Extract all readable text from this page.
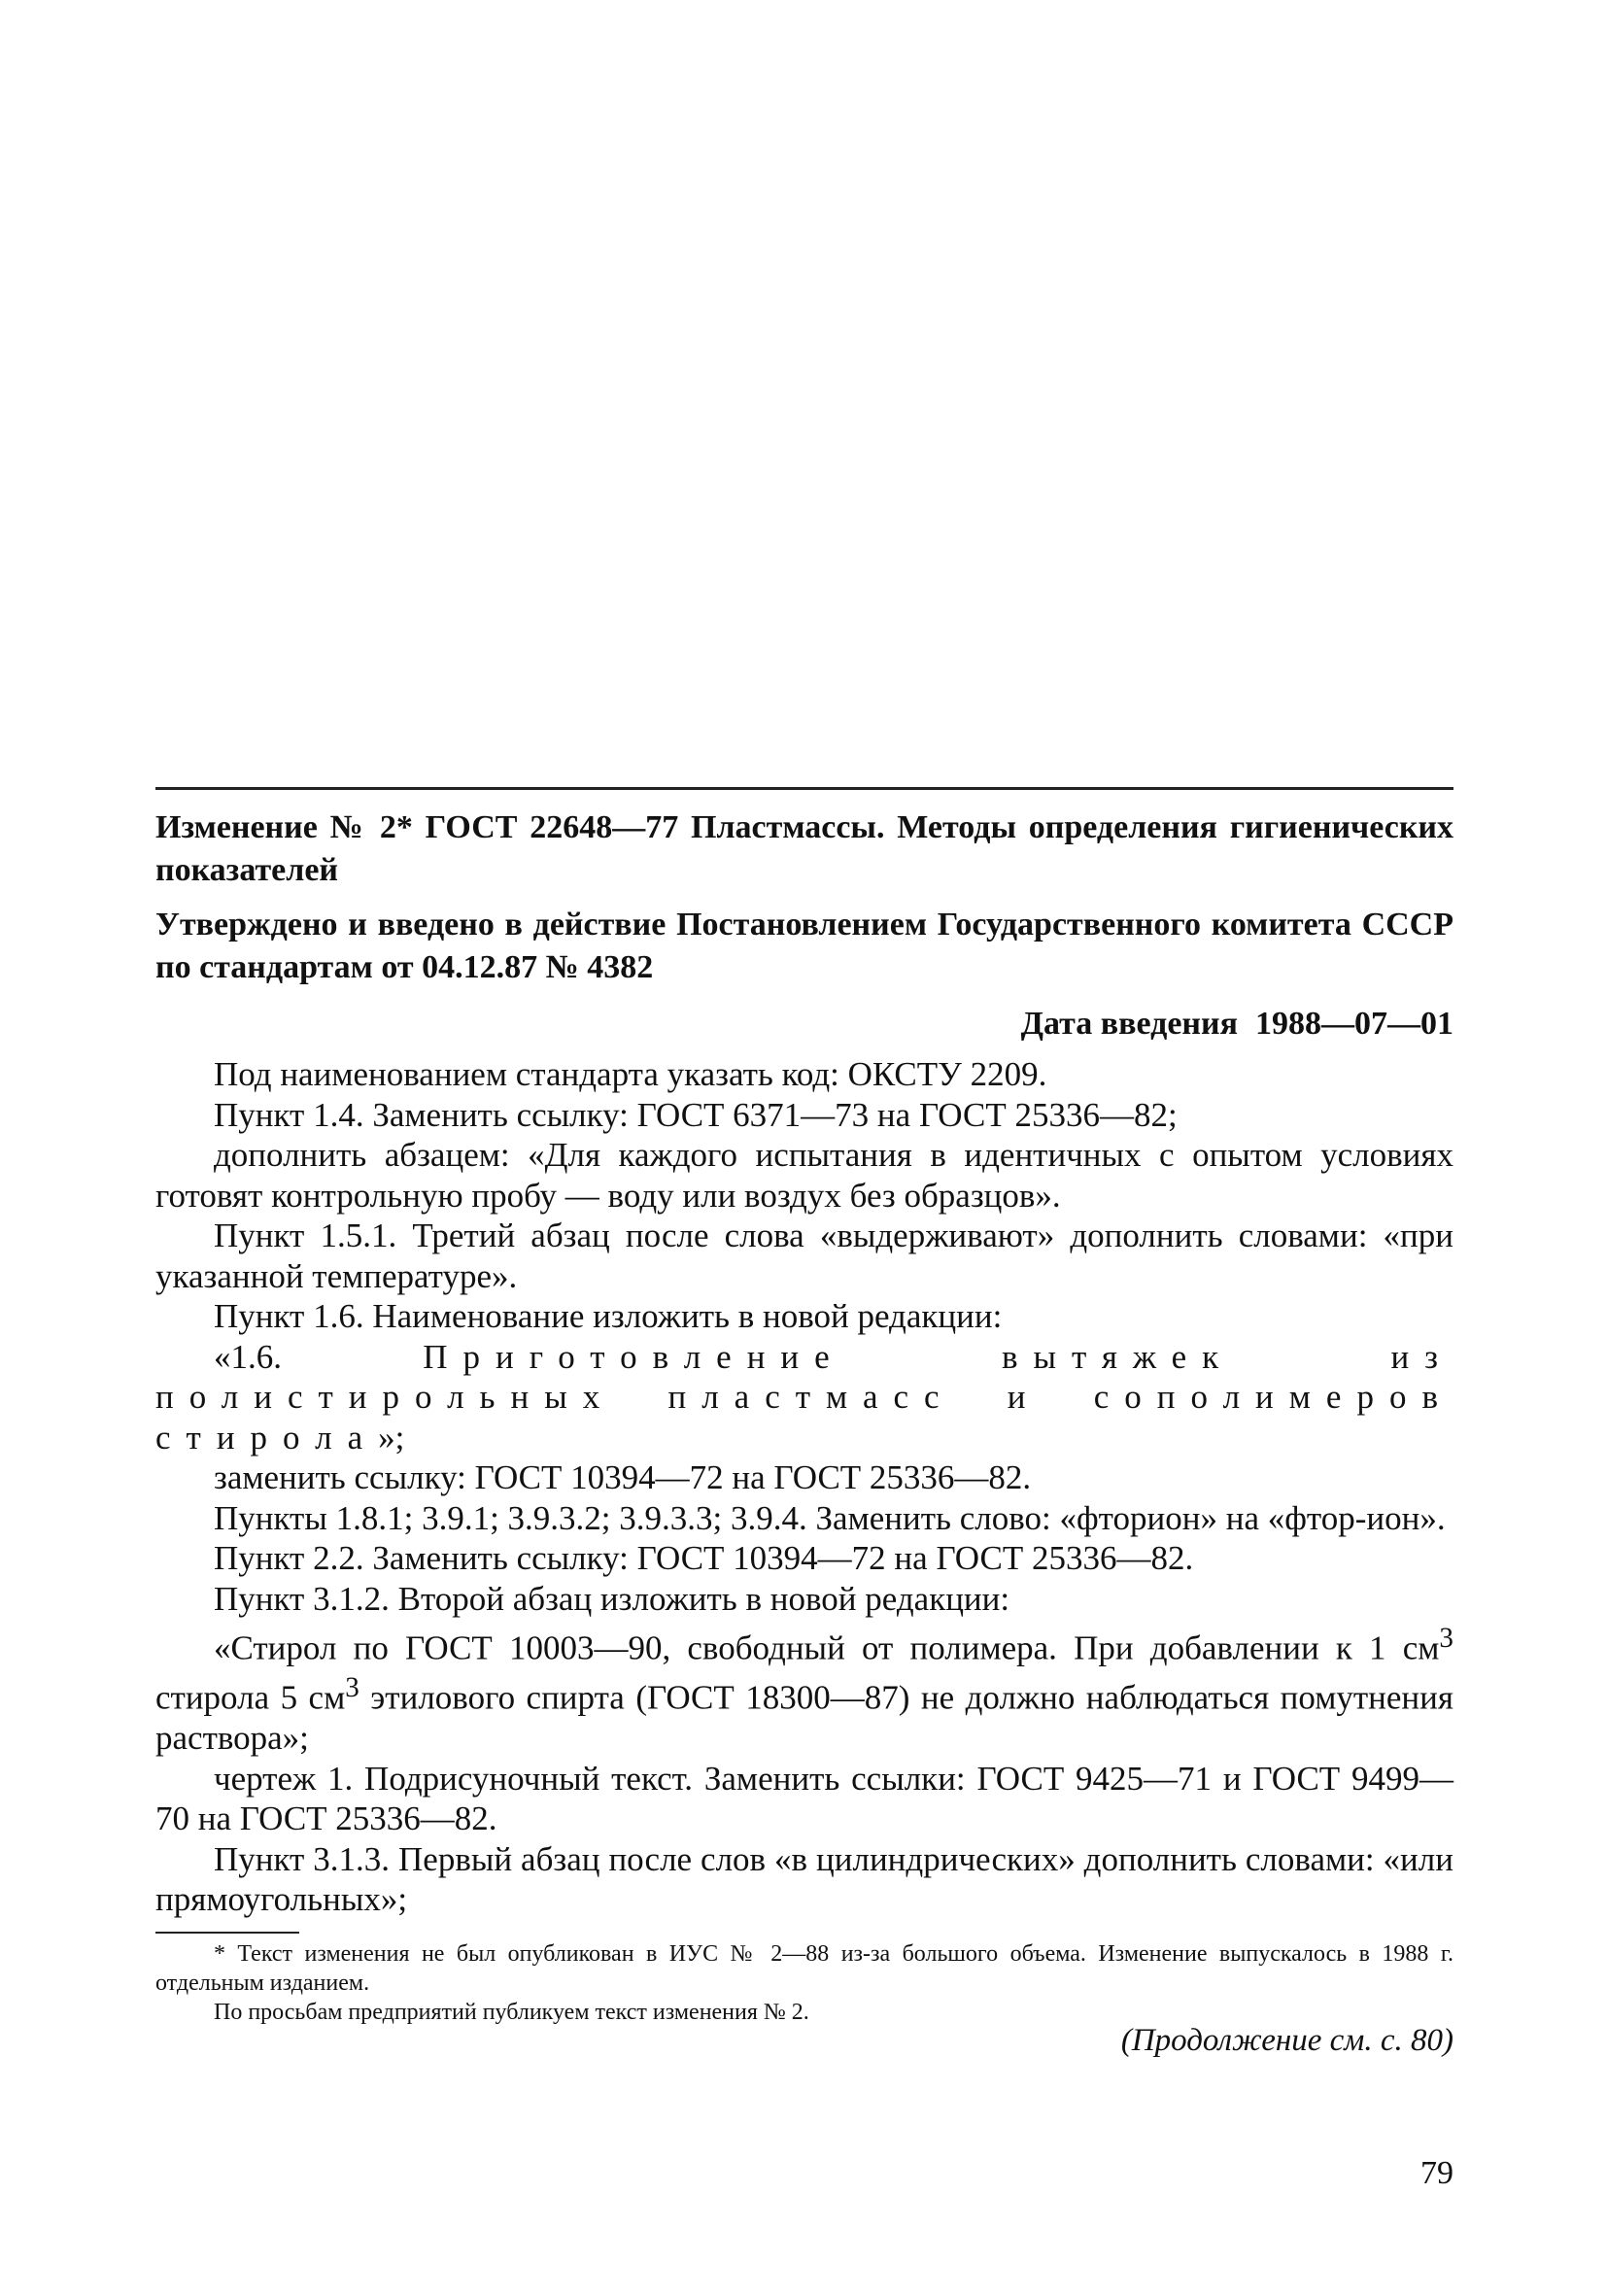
Изменение № 2* ГОСТ 22648—77 Пластмассы. Методы определения гигиенических показателей
Утверждено и введено в действие Постановлением Государственного комитета СССР по стандартам от 04.12.87 № 4382
Дата введения 1988—07—01

Под наименованием стандарта указать код: ОКСТУ 2209.

Пункт 1.4. Заменить ссылку: ГОСТ 6371—73 на ГОСТ 25336—82;

дополнить абзацем: «Для каждого испытания в идентичных с опытом условиях готовят контрольную пробу — воду или воздух без образцов».

Пункт 1.5.1. Третий абзац после слова «выдерживают» дополнить словами: «при указанной температуре».

Пункт 1.6. Наименование изложить в новой редакции:

«1.6. Приготовление вытяжек из полистирольных пластмасс и сополимеров стирола»;

заменить ссылку: ГОСТ 10394—72 на ГОСТ 25336—82.

Пункты 1.8.1; 3.9.1; 3.9.3.2; 3.9.3.3; 3.9.4. Заменить слово: «фторион» на «фтор-ион».

Пункт 2.2. Заменить ссылку: ГОСТ 10394—72 на ГОСТ 25336—82.

Пункт 3.1.2. Второй абзац изложить в новой редакции:

«Стирол по ГОСТ 10003—90, свободный от полимера. При добавлении к 1 $см^3$ стирола 5 $см^3$ этилового спирта (ГОСТ 18300—87) не должно наблюдаться помутнения раствора»;

чертеж 1. Подрисуночный текст. Заменить ссылки: ГОСТ 9425—71 и ГОСТ 9499—70 на ГОСТ 25336—82.

Пункт 3.1.3. Первый абзац после слов «в цилиндрических» дополнить словами: «или прямоугольных»;

* Текст изменения не был опубликован в ИУС № 2—88 из-за большого объема. Изменение выпускалось в 1988 г. отдельным изданием.

По просьбам предприятий публикуем текст изменения № 2.

(Продолжение см. с. 80)
79
